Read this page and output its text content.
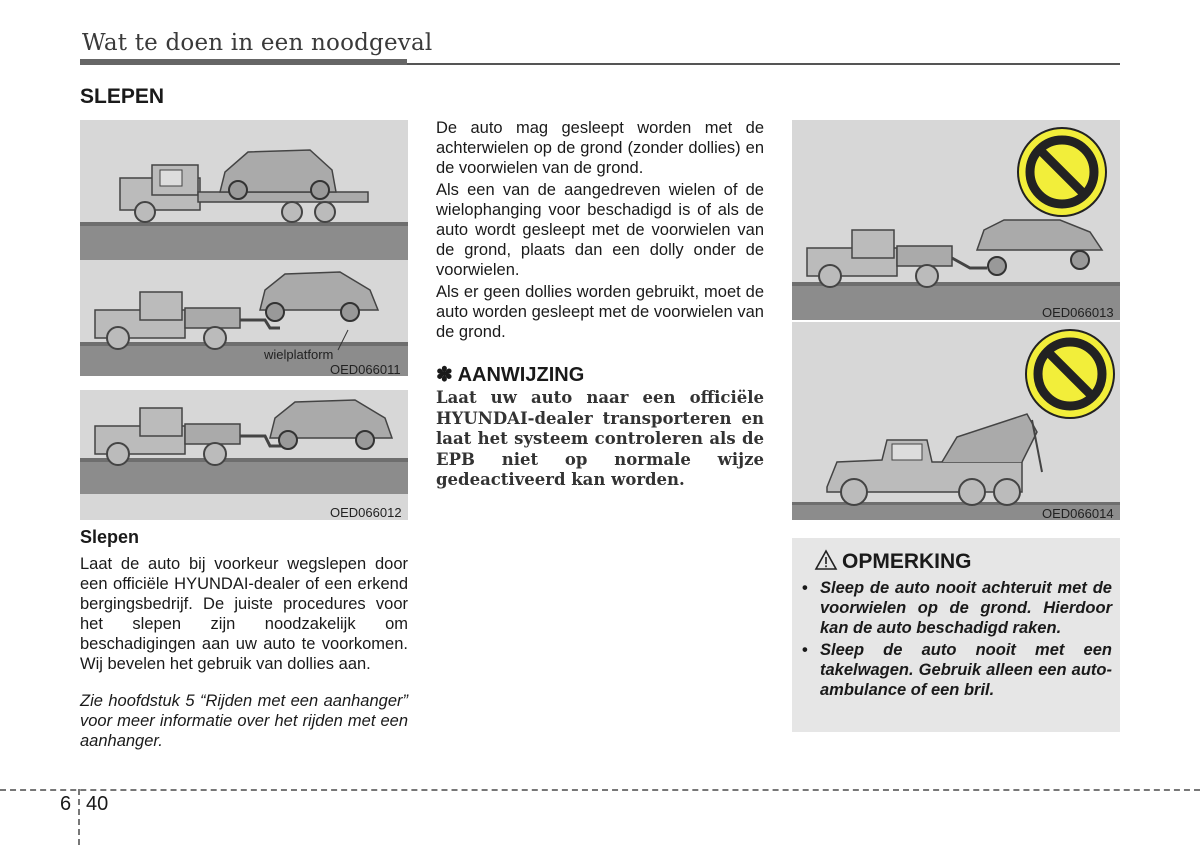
Wat te doen in een noodgeval
SLEPEN
wielplatform
OED066011
OED066012
Slepen
Laat de auto bij voorkeur wegslepen door een officiële HYUNDAI-dealer of een erkend bergingsbedrijf. De juiste procedures voor het slepen zijn noodzakelijk om beschadigingen aan uw auto te voorkomen. Wij bevelen het gebruik van dollies aan.
Zie hoofdstuk 5 “Rijden met een aanhanger” voor meer informatie over het rijden met een aanhanger.
De auto mag gesleept worden met de achterwielen op de grond (zonder dollies) en de voorwielen van de grond.
Als een van de aangedreven wielen of de wielophanging voor beschadigd is of als de auto wordt gesleept met de voorwielen van de grond, plaats dan een dolly onder de voorwielen.
Als er geen dollies worden gebruikt, moet de auto worden gesleept met de voorwielen van de grond.
✽ AANWIJZING
Laat uw auto naar een officiële HYUNDAI-dealer transporteren en laat het systeem controleren als de EPB niet op normale wijze gedeactiveerd kan worden.
OED066013
OED066014
OPMERKING
• Sleep de auto nooit achteruit met de voorwielen op de grond. Hierdoor kan de auto beschadigd raken.
• Sleep de auto nooit met een takelwagen. Gebruik alleen een auto-ambulance of een bril.
6 40
